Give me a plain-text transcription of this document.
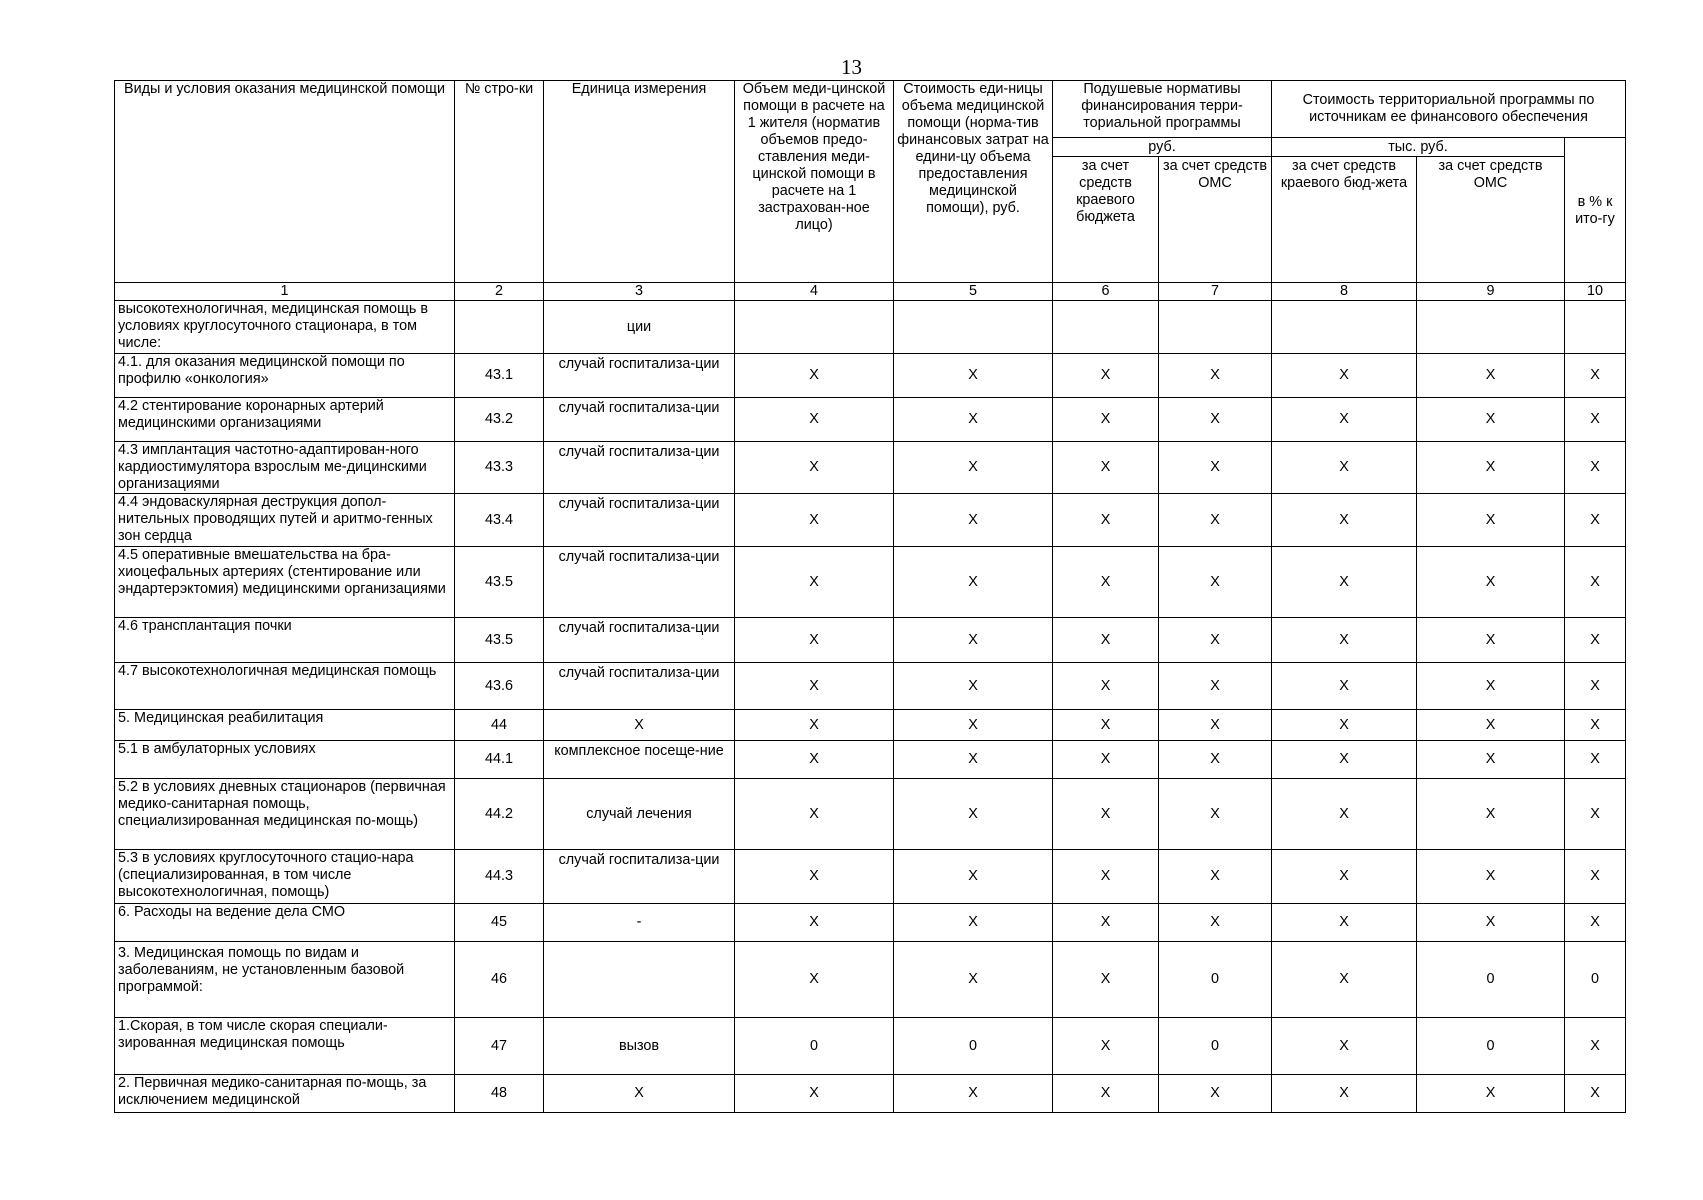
13
Виды и условия оказания медицинской помощи	№ стро-ки	Единица измерения	Объем меди-цинской помощи в расчете на 1 жителя (норматив объемов предо-ставления меди-цинской помощи в расчете на 1 застрахован-ное лицо)	Стоимость еди-ницы объема медицинской помощи (норма-тив финансовых затрат на едини-цу объема предоставления медицинской помощи), руб.	Подушевые нормативы финансирования терри-ториальной программы		Стоимость территориальной программы по источникам ее финансового обеспечения		
					руб.		тыс. руб.		в % к ито-гу
					за счет средств краевого бюджета	за счет средств ОМС	за счет средств краевого бюд-жета	за счет средств ОМС	
1	2	3	4	5	6	7	8	9	10
высокотехнологичная, медицинская помощь в условиях круглосуточного стационара, в том числе:		ции							
4.1. для оказания медицинской помощи по профилю «онкология»	43.1	случай госпитализа-ции	X	X	X	X	X	X	X
4.2 стентирование коронарных артерий медицинскими организациями	43.2	случай госпитализа-ции	X	X	X	X	X	X	X
4.3 имплантация частотно-адаптирован-ного кардиостимулятора взрослым ме-дицинскими организациями	43.3	случай госпитализа-ции	X	X	X	X	X	X	X
4.4 эндоваскулярная деструкция допол-нительных проводящих путей и аритмо-генных зон сердца	43.4	случай госпитализа-ции	X	X	X	X	X	X	X
4.5 оперативные вмешательства на бра-хиоцефальных артериях (стентирование или эндартерэктомия) медицинскими организациями	43.5	случай госпитализа-ции	X	X	X	X	X	X	X
4.6 трансплантация почки	43.5	случай госпитализа-ции	X	X	X	X	X	X	X
4.7 высокотехнологичная медицинская помощь	43.6	случай госпитализа-ции	X	X	X	X	X	X	X
5. Медицинская реабилитация	44	X	X	X	X	X	X	X	X
5.1 в амбулаторных условиях	44.1	комплексное посеще-ние	X	X	X	X	X	X	X
5.2 в условиях дневных стационаров (первичная медико-санитарная помощь, специализированная медицинская по-мощь)	44.2	случай лечения	X	X	X	X	X	X	X
5.3 в условиях круглосуточного стацио-нара (специализированная, в том числе высокотехнологичная, помощь)	44.3	случай госпитализа-ции	X	X	X	X	X	X	X
6. Расходы на ведение дела СМО	45	-	X	X	X	X	X	X	X
3. Медицинская помощь по видам и заболеваниям, не установленным базовой программой:	46		X	X	X	0	X	0	0
1.Скорая, в том числе скорая специали-зированная медицинская помощь	47	вызов	0	0	X	0	X	0	X
2. Первичная медико-санитарная по-мощь, за исключением медицинской	48	X	X	X	X	X	X	X	X
